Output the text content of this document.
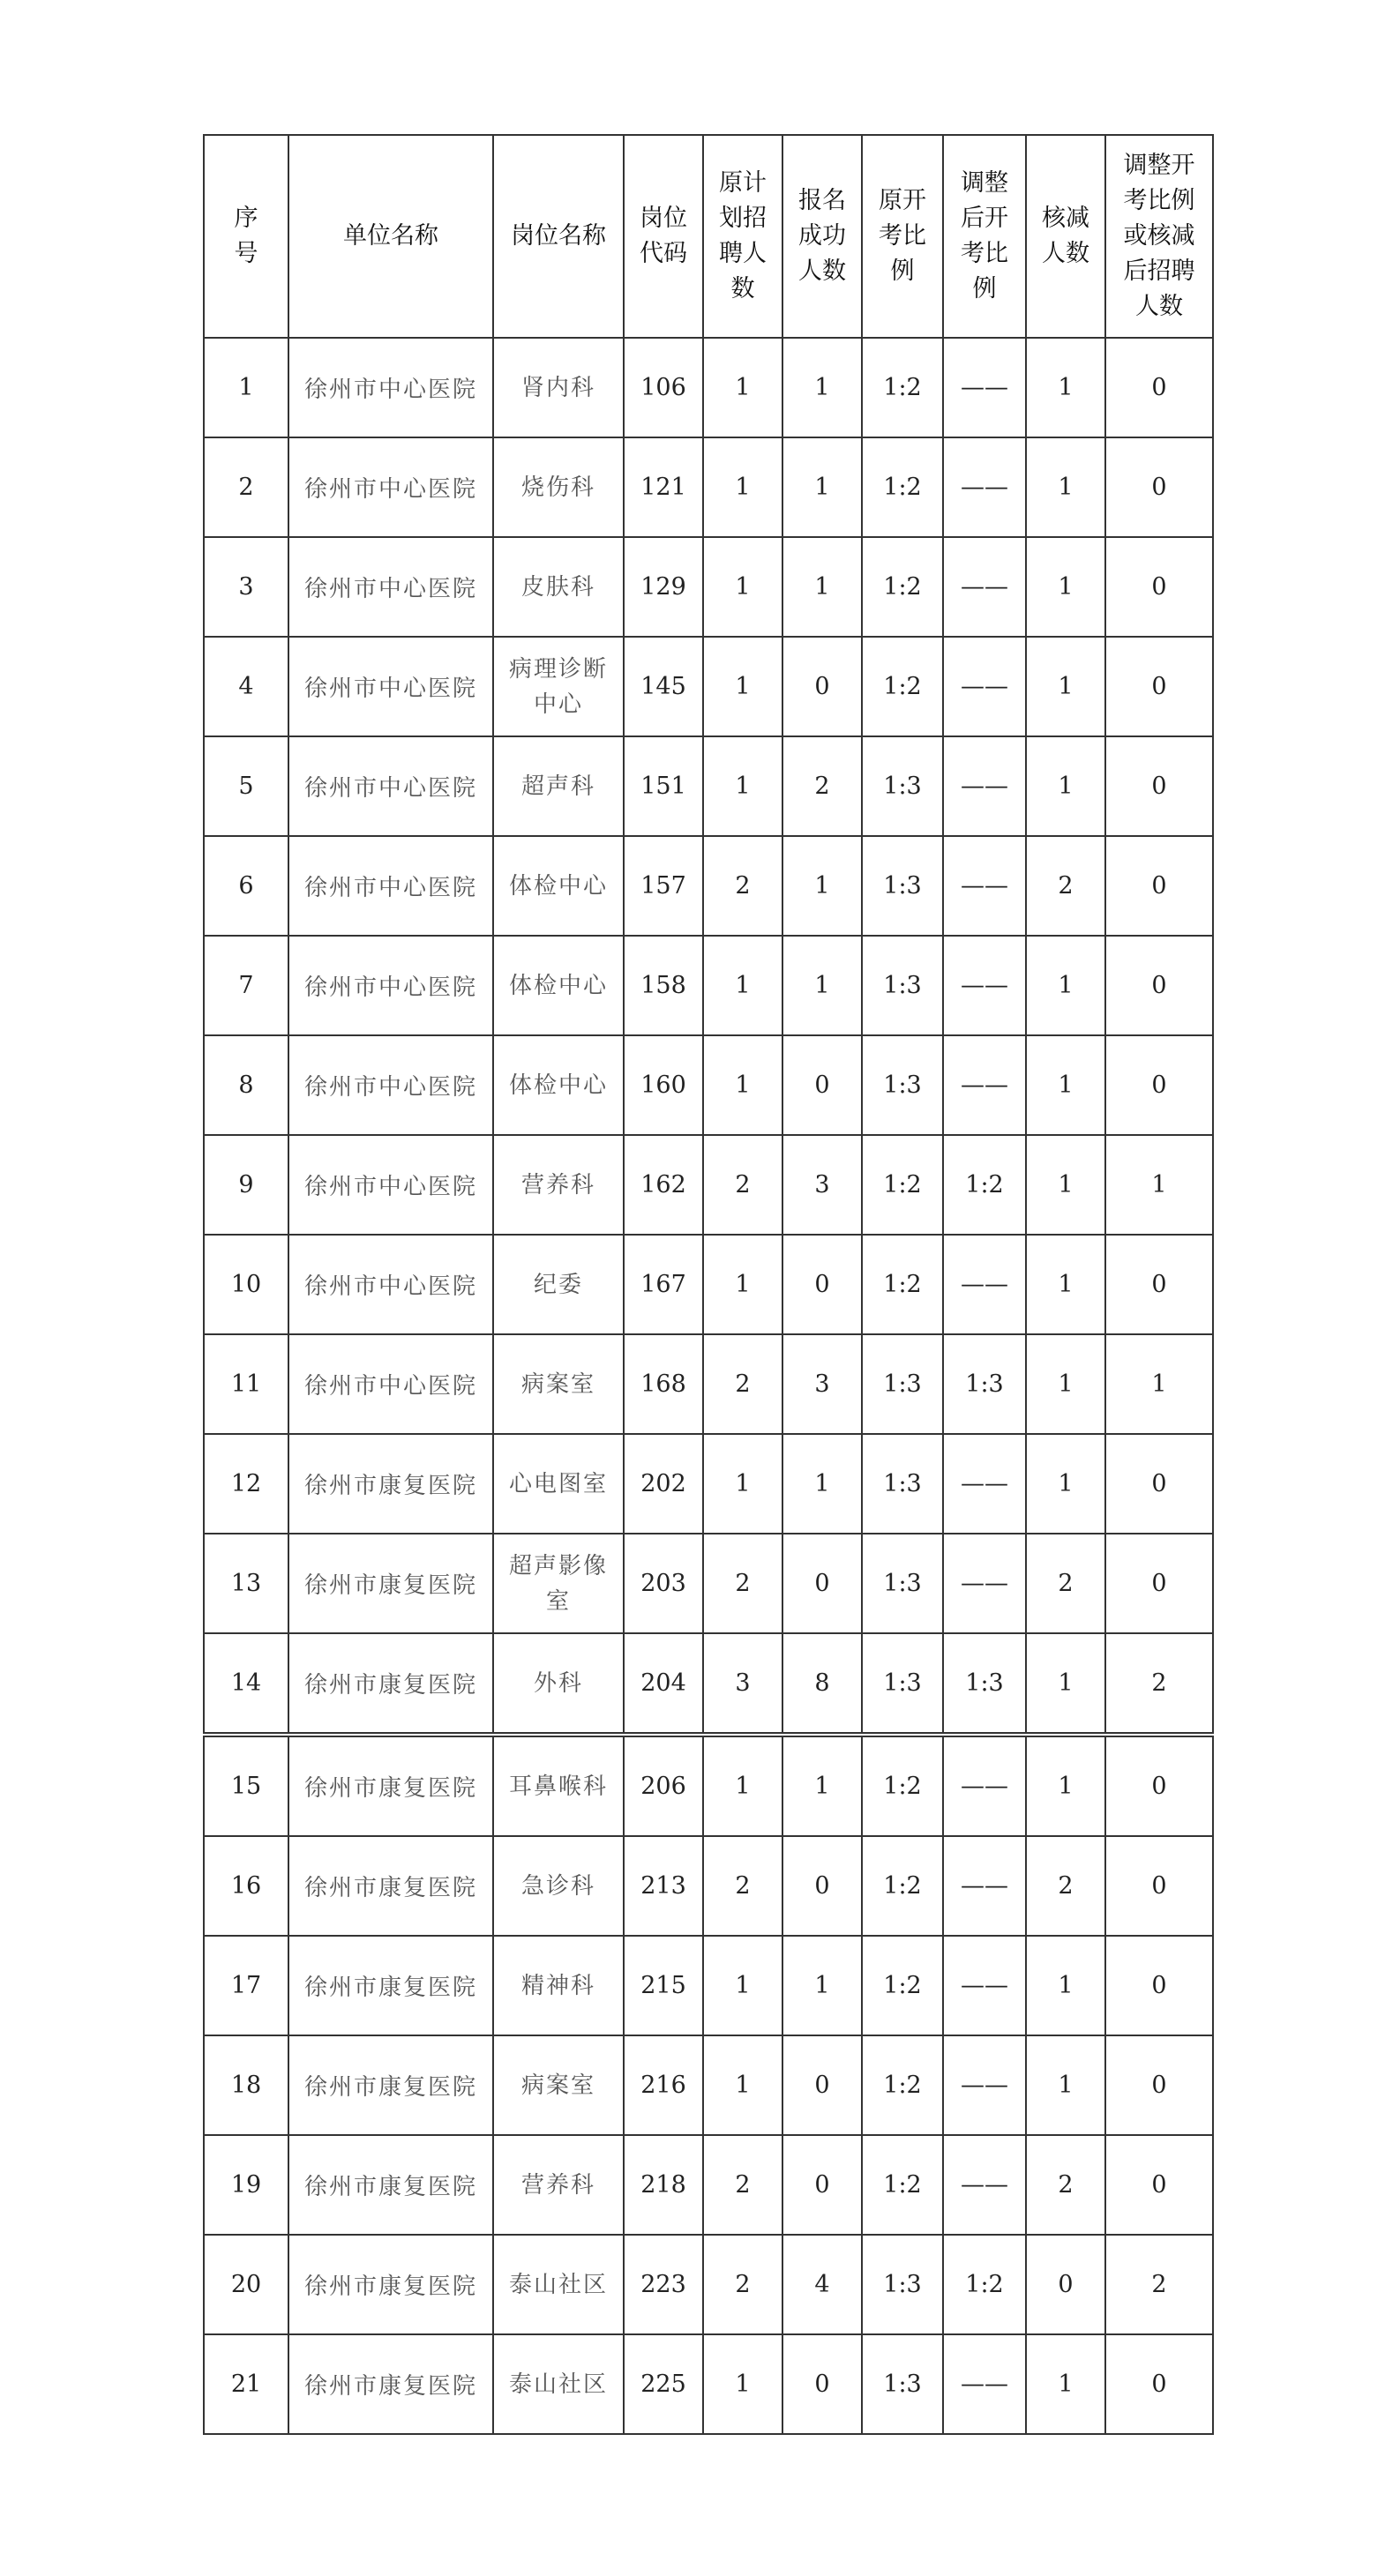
序号	单位名称	岗位名称	岗位代码	原计划招聘人数	报名成功人数	原开考比例	调整后开考比例	核减人数	调整开考比例或核减后招聘人数
1	徐州市中心医院	肾内科	106	1	1	1:2	——	1	0
2	徐州市中心医院	烧伤科	121	1	1	1:2	——	1	0
3	徐州市中心医院	皮肤科	129	1	1	1:2	——	1	0
4	徐州市中心医院	病理诊断中心	145	1	0	1:2	——	1	0
5	徐州市中心医院	超声科	151	1	2	1:3	——	1	0
6	徐州市中心医院	体检中心	157	2	1	1:3	——	2	0
7	徐州市中心医院	体检中心	158	1	1	1:3	——	1	0
8	徐州市中心医院	体检中心	160	1	0	1:3	——	1	0
9	徐州市中心医院	营养科	162	2	3	1:2	1:2	1	1
10	徐州市中心医院	纪委	167	1	0	1:2	——	1	0
11	徐州市中心医院	病案室	168	2	3	1:3	1:3	1	1
12	徐州市康复医院	心电图室	202	1	1	1:3	——	1	0
13	徐州市康复医院	超声影像室	203	2	0	1:3	——	2	0
14	徐州市康复医院	外科	204	3	8	1:3	1:3	1	2
15	徐州市康复医院	耳鼻喉科	206	1	1	1:2	——	1	0
16	徐州市康复医院	急诊科	213	2	0	1:2	——	2	0
17	徐州市康复医院	精神科	215	1	1	1:2	——	1	0
18	徐州市康复医院	病案室	216	1	0	1:2	——	1	0
19	徐州市康复医院	营养科	218	2	0	1:2	——	2	0
20	徐州市康复医院	泰山社区	223	2	4	1:3	1:2	0	2
21	徐州市康复医院	泰山社区	225	1	0	1:3	——	1	0
